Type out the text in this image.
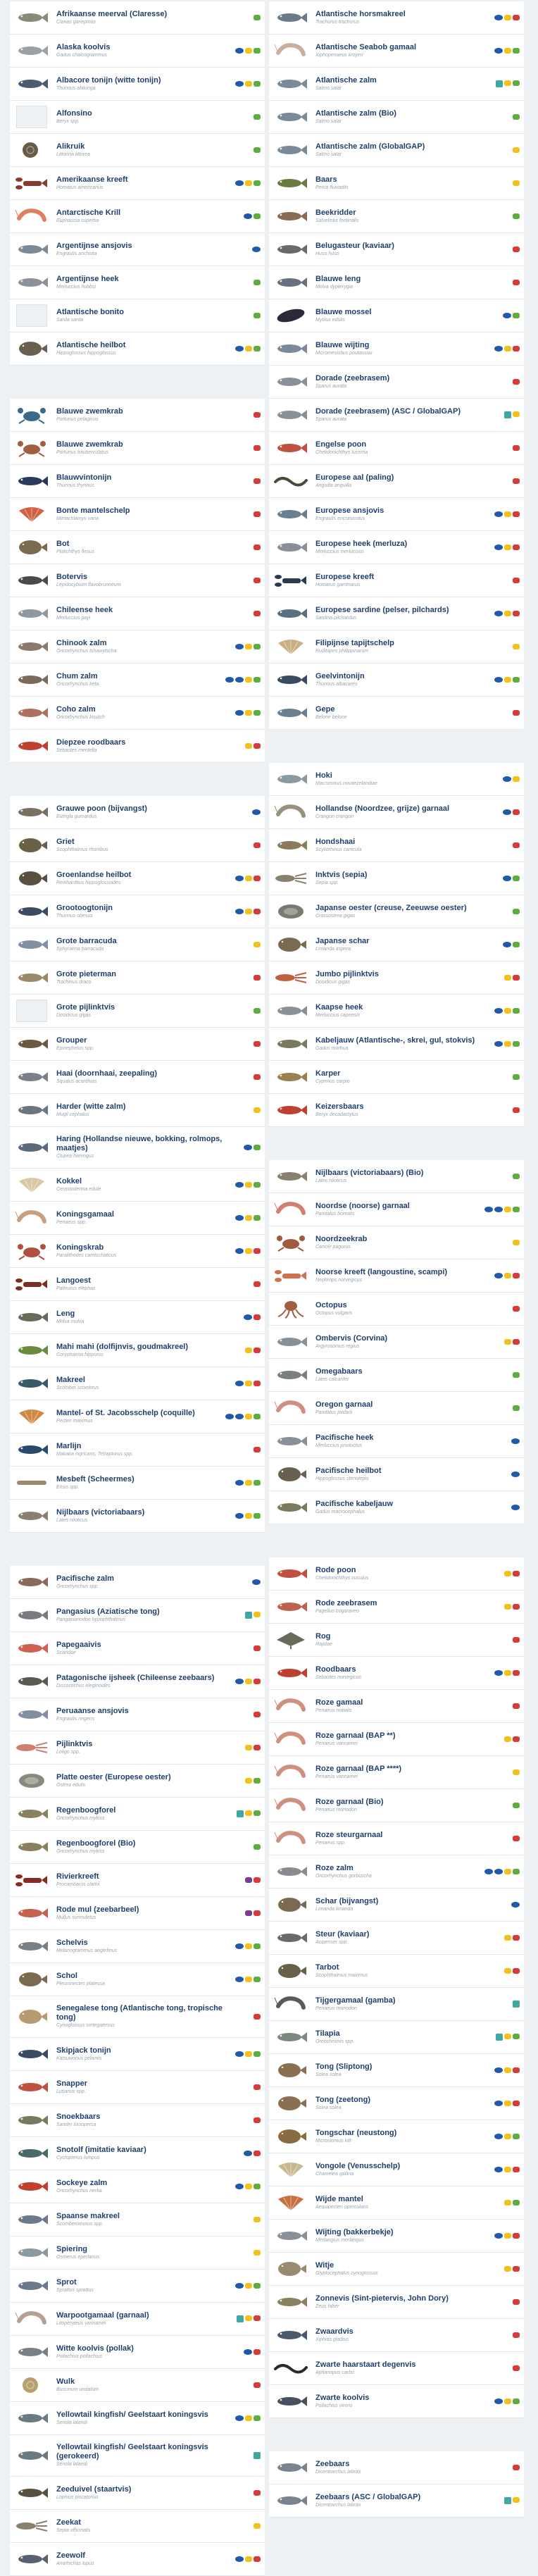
Afrikaanse meerval (Claresse)
Clarias gariepinus
Alaska koolvis
Gadus chalcogrammus
Albacore tonijn (witte tonijn)
Thunnus alalunga
Alfonsino
Beryx spp.
Alikruik
Littorina littorea
Amerikaanse kreeft
Homarus americanus
Antarctische Krill
Euphausia superba
Argentijnse ansjovis
Engraulis anchoita
Argentijnse heek
Merluccius hubbsi
Atlantische bonito
Sarda sarda
Atlantische heilbot
Hippoglossus hippoglossus
Blauwe zwemkrab
Portunus pelagicus
Blauwe zwemkrab
Portunus trituberculatus
Blauwvintonijn
Thunnus thynnus
Bonte mantelschelp
Mimachlamys varia
Bot
Platichthys flesus
Botervis
Lepidocybium flavobrunneum
Chileense heek
Merluccius gayi
Chinook zalm
Oncorhynchus tshawytscha
Chum zalm
Oncorhynchus keta
Coho zalm
Oncorhynchus kisutch
Diepzee roodbaars
Sebastes mentella
Grauwe poon (bijvangst)
Eutrigla gurnardus
Griet
Scophthalmus rhombus
Groenlandse heilbot
Reinhardtius hippoglossoides
Grootoogtonijn
Thunnus obesus
Grote barracuda
Sphyraena barracuda
Grote pieterman
Trachinus draco
Grote pijlinktvis
Dosidicus gigas
Grouper
Epinephelus spp.
Haai (doornhaai, zeepaling)
Squalus acanthias
Harder (witte zalm)
Mugil cephalus
Haring (Hollandse nieuwe, bokking, rolmops, maatjes)
Clupea harengus
Kokkel
Cerastoderma edule
Koningsgamaal
Penaeus spp.
Koningskrab
Paralithodes camtschaticus
Langoest
Palinurus elephas
Leng
Molva molva
Mahi mahi (dolfijnvis, goudmakreel)
Coryphaena hippurus
Makreel
Scomber scombrus
Mantel- of St. Jacobsschelp (coquille)
Pecten maximus
Marlijn
Makaira nigricans, Tetrapturus spp.
Mesbeft (Scheermes)
Ensis spp.
Nijlbaars (victoriabaars)
Lates niloticus
Pacifische zalm
Oncorhynchus spp.
Pangasius (Aziatische tong)
Pangasianodon hypophthalmus
Papegaaivis
Scaridae
Patagonische ijsheek (Chileense zeebaars)
Dissostichus eleginoides
Peruaanse ansjovis
Engraulis ringens
Pijlinktvis
Loligo spp.
Platte oester (Europese oester)
Ostrea edulis
Regenboogforel
Oncorhynchus mykiss
Regenboogforel (Bio)
Oncorhynchus mykiss
Rivierkreeft
Procambarus clarkii
Rode mul (zeebarbeel)
Mullus surmuletus
Schelvis
Melanogrammus aeglefinus
Schol
Pleuronectes platessa
Senegalese tong (Atlantische tong, tropische tong)
Cynoglossus senegalensis
Skipjack tonijn
Katsuwonus pelamis
Snapper
Lutjanus spp.
Snoekbaars
Sander lucioperca
Snotolf (imitatie kaviaar)
Cyclopterus lumpus
Sockeye zalm
Oncorhynchus nerka
Spaanse makreel
Scomberomorus spp.
Spiering
Osmerus eperlanus
Sprot
Sprattus sprattus
Warpootgamaal (garnaal)
Litopenaeus vannamei
Witte koolvis (pollak)
Pollachius pollachius
Wulk
Buccinum undatum
Yellowtail kingfish/ Geelstaart koningsvis
Seriola lalandi
Yellowtail kingfish/ Geelstaart koningsvis (gerokeerd)
Seriola lalandi
Zeeduivel (staartvis)
Lophius piscatorius
Zeekat
Sepia officinalis
Zeewolf
Anarhichas lupus
Atlantische horsmakreel
Trachurus trachurus
Atlantische Seabob gamaal
Xiphopenaeus kroyeri
Atlantische zalm
Salmo salar
Atlantische zalm (Bio)
Salmo salar
Atlantische zalm (GlobalGAP)
Salmo salar
Baars
Perca fluviatilis
Beekridder
Salvelinus fontinalis
Belugasteur (kaviaar)
Huso huso
Blauwe leng
Molva dypterygia
Blauwe mossel
Mytilus edulis
Blauwe wijting
Micromesistius poutassou
Dorade (zeebrasem)
Sparus aurata
Dorade (zeebrasem) (ASC / GlobalGAP)
Sparus aurata
Engelse poon
Chelidonichthys lucerna
Europese aal (paling)
Anguilla anguilla
Europese ansjovis
Engraulis encrasicolus
Europese heek (merluza)
Merluccius merluccius
Europese kreeft
Homarus gammarus
Europese sardine (pelser, pilchards)
Sardina pilchardus
Filipijnse tapijtschelp
Ruditapes philippinarum
Geelvintonijn
Thunnus albacares
Gepe
Belone belone
Hoki
Macruronus novaezelandiae
Hollandse (Noordzee, grijze) garnaal
Crangon crangon
Hondshaai
Scyliorhinus canicula
Inktvis (sepia)
Sepia spp.
Japanse oester (creuse, Zeeuwse oester)
Crassostrea gigas
Japanse schar
Limanda aspera
Jumbo pijlinktvis
Dosidicus gigas
Kaapse heek
Merluccius capensis
Kabeljauw (Atlantische-, skrei, gul, stokvis)
Gadus morhua
Karper
Cyprinus carpio
Keizersbaars
Beryx decadactylus
Nijlbaars (victoriabaars) (Bio)
Lates niloticus
Noordse (noorse) garnaal
Pandalus borealis
Noordzeekrab
Cancer pagurus
Noorse kreeft (langoustine, scampi)
Nephrops norvegicus
Octopus
Octopus vulgaris
Ombervis (Corvina)
Argyrosomus regius
Omegabaars
Lates calcarifer
Oregon garnaal
Pandalus jordani
Pacifische heek
Merluccius productus
Pacifische heilbot
Hippoglossus stenolepis
Pacifische kabeljauw
Gadus macrocephalus
Rode poon
Chelidonichthys cuculus
Rode zeebrasem
Pagellus bogaraveo
Rog
Rajidae
Roodbaars
Sebastes norvegicus
Roze gamaal
Penaeus notialis
Roze garnaal (BAP **)
Penaeus vannamei
Roze garnaal (BAP ****)
Penaeus vannamei
Roze garnaal (Bio)
Penaeus monodon
Roze steurgarnaal
Penaeus spp.
Roze zalm
Oncorhynchus gorbuscha
Schar (bijvangst)
Limanda limanda
Steur (kaviaar)
Acipenser spp.
Tarbot
Scophthalmus maximus
Tijgergamaal (gamba)
Penaeus monodon
Tilapia
Oreochromis spp.
Tong (Sliptong)
Solea solea
Tong (zeetong)
Solea solea
Tongschar (neustong)
Microstomus kitt
Vongole (Venusschelp)
Chamelea gallina
Wijde mantel
Aequipecten opercularis
Wijting (bakkerbekje)
Merlangius merlangus
Witje
Glyptocephalus cynoglossus
Zonnevis (Sint-pietervis, John Dory)
Zeus faber
Zwaardvis
Xiphias gladius
Zwarte haarstaart degenvis
Aphanopus carbo
Zwarte koolvis
Pollachius virens
Zeebaars
Dicentrarchus labrax
Zeebaars (ASC / GlobalGAP)
Dicentrarchus labrax
